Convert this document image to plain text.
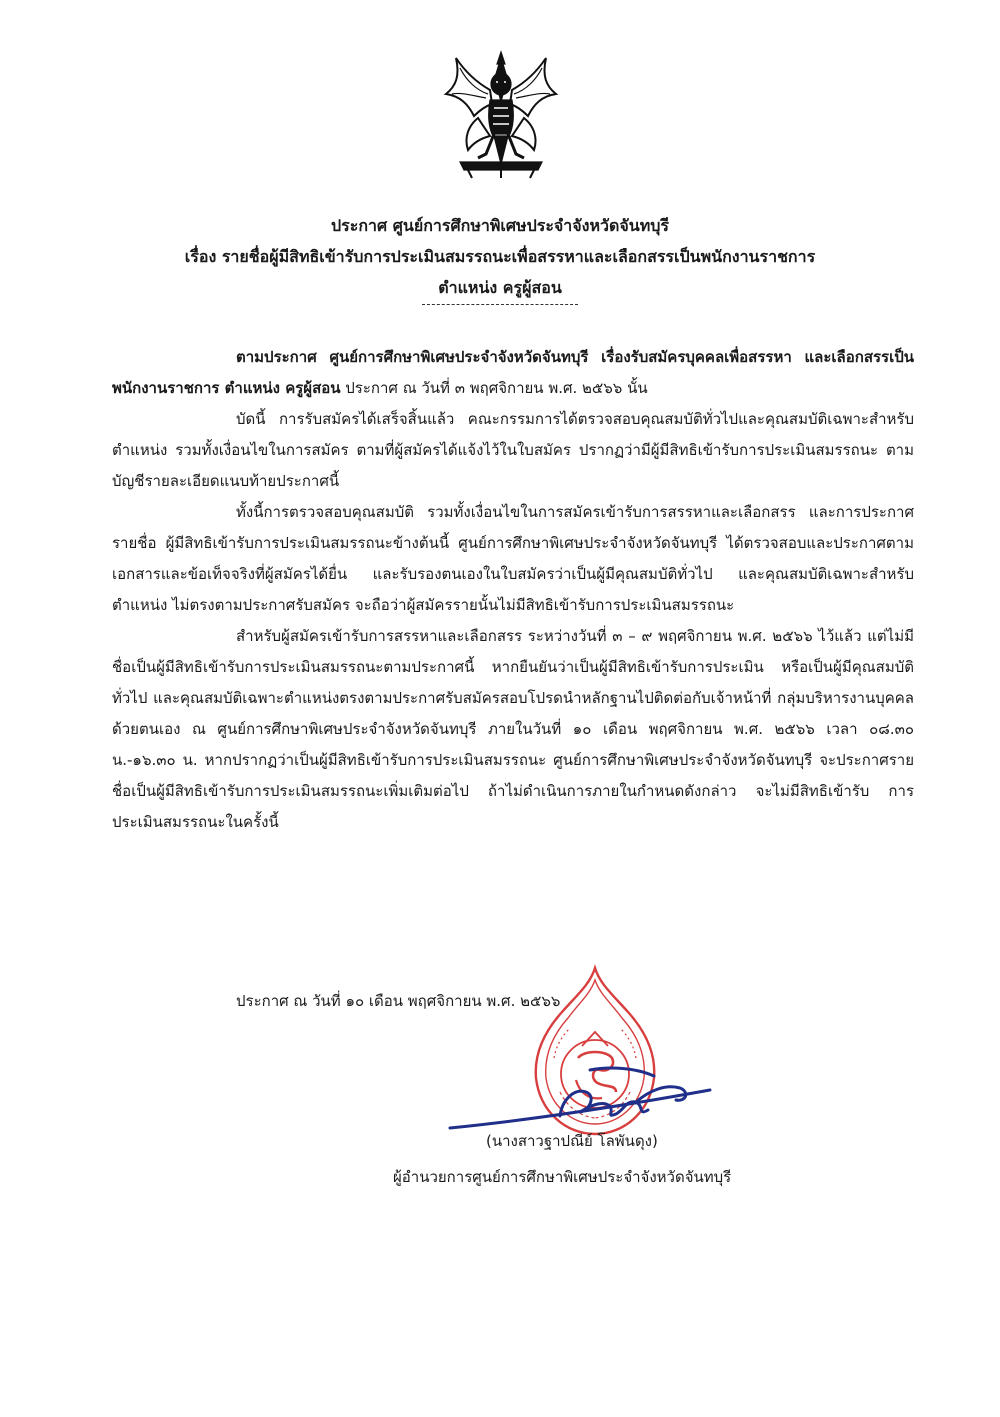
ประกาศ ศูนย์การศึกษาพิเศษประจำจังหวัดจันทบุรี
เรื่อง รายชื่อผู้มีสิทธิเข้ารับการประเมินสมรรถนะเพื่อสรรหาและเลือกสรรเป็นพนักงานราชการ
ตำแหน่ง ครูผู้สอน

ตามประกาศ ศูนย์การศึกษาพิเศษประจำจังหวัดจันทบุรี เรื่องรับสมัครบุคคลเพื่อสรรหา และเลือกสรรเป็นพนักงานราชการ ตำแหน่ง ครูผู้สอน ประกาศ ณ วันที่ ๓ พฤศจิกายน พ.ศ. ๒๕๖๖ นั้น

บัดนี้ การรับสมัครได้เสร็จสิ้นแล้ว คณะกรรมการได้ตรวจสอบคุณสมบัติทั่วไปและคุณสมบัติเฉพาะสำหรับตำแหน่ง รวมทั้งเงื่อนไขในการสมัคร ตามที่ผู้สมัครได้แจ้งไว้ในใบสมัคร ปรากฏว่ามีผู้มีสิทธิเข้ารับการประเมินสมรรถนะ ตามบัญชีรายละเอียดแนบท้ายประกาศนี้

ทั้งนี้การตรวจสอบคุณสมบัติ รวมทั้งเงื่อนไขในการสมัครเข้ารับการสรรหาและเลือกสรร และการประกาศรายชื่อ ผู้มีสิทธิเข้ารับการประเมินสมรรถนะข้างต้นนี้ ศูนย์การศึกษาพิเศษประจำจังหวัดจันทบุรี ได้ตรวจสอบและประกาศตามเอกสารและข้อเท็จจริงที่ผู้สมัครได้ยื่น และรับรองตนเองในใบสมัครว่าเป็นผู้มีคุณสมบัติทั่วไป และคุณสมบัติเฉพาะสำหรับตำแหน่ง ไม่ตรงตามประกาศรับสมัคร จะถือว่าผู้สมัครรายนั้นไม่มีสิทธิเข้ารับการประเมินสมรรถนะ

สำหรับผู้สมัครเข้ารับการสรรหาและเลือกสรร ระหว่างวันที่ ๓ – ๙ พฤศจิกายน พ.ศ. ๒๕๖๖ ไว้แล้ว แต่ไม่มีชื่อเป็นผู้มีสิทธิเข้ารับการประเมินสมรรถนะตามประกาศนี้ หากยืนยันว่าเป็นผู้มีสิทธิเข้ารับการประเมิน หรือเป็นผู้มีคุณสมบัติทั่วไป และคุณสมบัติเฉพาะตำแหน่งตรงตามประกาศรับสมัครสอบโปรดนำหลักฐานไปติดต่อกับเจ้าหน้าที่ กลุ่มบริหารงานบุคคล ด้วยตนเอง ณ ศูนย์การศึกษาพิเศษประจำจังหวัดจันทบุรี ภายในวันที่ ๑๐ เดือน พฤศจิกายน พ.ศ. ๒๕๖๖ เวลา ๐๘.๓๐ น.-๑๖.๓๐ น. หากปรากฏว่าเป็นผู้มีสิทธิเข้ารับการประเมินสมรรถนะ ศูนย์การศึกษาพิเศษประจำจังหวัดจันทบุรี จะประกาศรายชื่อเป็นผู้มีสิทธิเข้ารับการประเมินสมรรถนะเพิ่มเติมต่อไป ถ้าไม่ดำเนินการภายในกำหนดดังกล่าว จะไม่มีสิทธิเข้ารับ การประเมินสมรรถนะในครั้งนี้

ประกาศ ณ วันที่ ๑๐ เดือน พฤศจิกายน พ.ศ. ๒๕๖๖
(นางสาวฐาปณีย์ โลพันดุง)
ผู้อำนวยการศูนย์การศึกษาพิเศษประจำจังหวัดจันทบุรี
